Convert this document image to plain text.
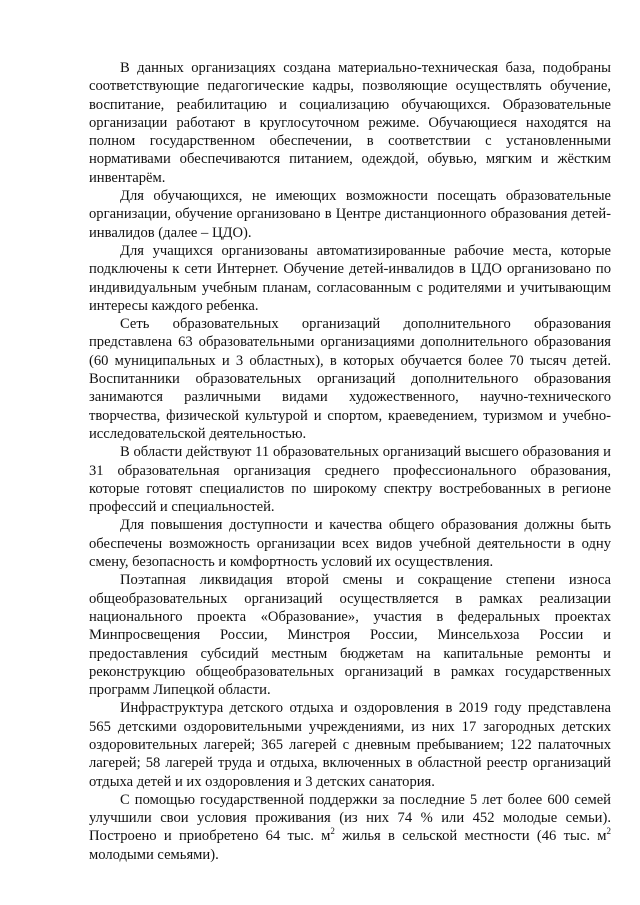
В данных организациях создана материально-техническая база, подобраны соответствующие педагогические кадры, позволяющие осуществлять обучение, воспитание, реабилитацию и социализацию обучающихся. Образовательные организации работают в круглосуточном режиме. Обучающиеся находятся на полном государственном обеспечении, в соответствии с установленными нормативами обеспечиваются питанием, одеждой, обувью, мягким и жёстким инвентарём.

Для обучающихся, не имеющих возможности посещать образовательные организации, обучение организовано в Центре дистанционного образования детей-инвалидов (далее – ЦДО).

Для учащихся организованы автоматизированные рабочие места, которые подключены к сети Интернет. Обучение детей-инвалидов в ЦДО организовано по индивидуальным учебным планам, согласованным с родителями и учитывающим интересы каждого ребенка.

Сеть образовательных организаций дополнительного образования представлена 63 образовательными организациями дополнительного образования (60 муниципальных и 3 областных), в которых обучается более 70 тысяч детей. Воспитанники образовательных организаций дополнительного образования занимаются различными видами художественного, научно-технического творчества, физической культурой и спортом, краеведением, туризмом и учебно-исследовательской деятельностью.

В области действуют 11 образовательных организаций высшего образования и 31 образовательная организация среднего профессионального образования, которые готовят специалистов по широкому спектру востребованных в регионе профессий и специальностей.

Для повышения доступности и качества общего образования должны быть обеспечены возможность организации всех видов учебной деятельности в одну смену, безопасность и комфортность условий их осуществления.

Поэтапная ликвидация второй смены и сокращение степени износа общеобразовательных организаций осуществляется в рамках реализации национального проекта «Образование», участия в федеральных проектах Минпросвещения России, Минстроя России, Минсельхоза России и предоставления субсидий местным бюджетам на капитальные ремонты и реконструкцию общеобразовательных организаций в рамках государственных программ Липецкой области.

Инфраструктура детского отдыха и оздоровления в 2019 году представлена 565 детскими оздоровительными учреждениями, из них 17 загородных детских оздоровительных лагерей; 365 лагерей с дневным пребыванием; 122 палаточных лагерей; 58 лагерей труда и отдыха, включенных в областной реестр организаций отдыха детей и их оздоровления и 3 детских санатория.

С помощью государственной поддержки за последние 5 лет более 600 семей улучшили свои условия проживания (из них 74 % или 452 молодые семьи). Построено и приобретено 64 тыс. $м^2$ жилья в сельской местности (46 тыс. $м^2$ молодыми семьями).
